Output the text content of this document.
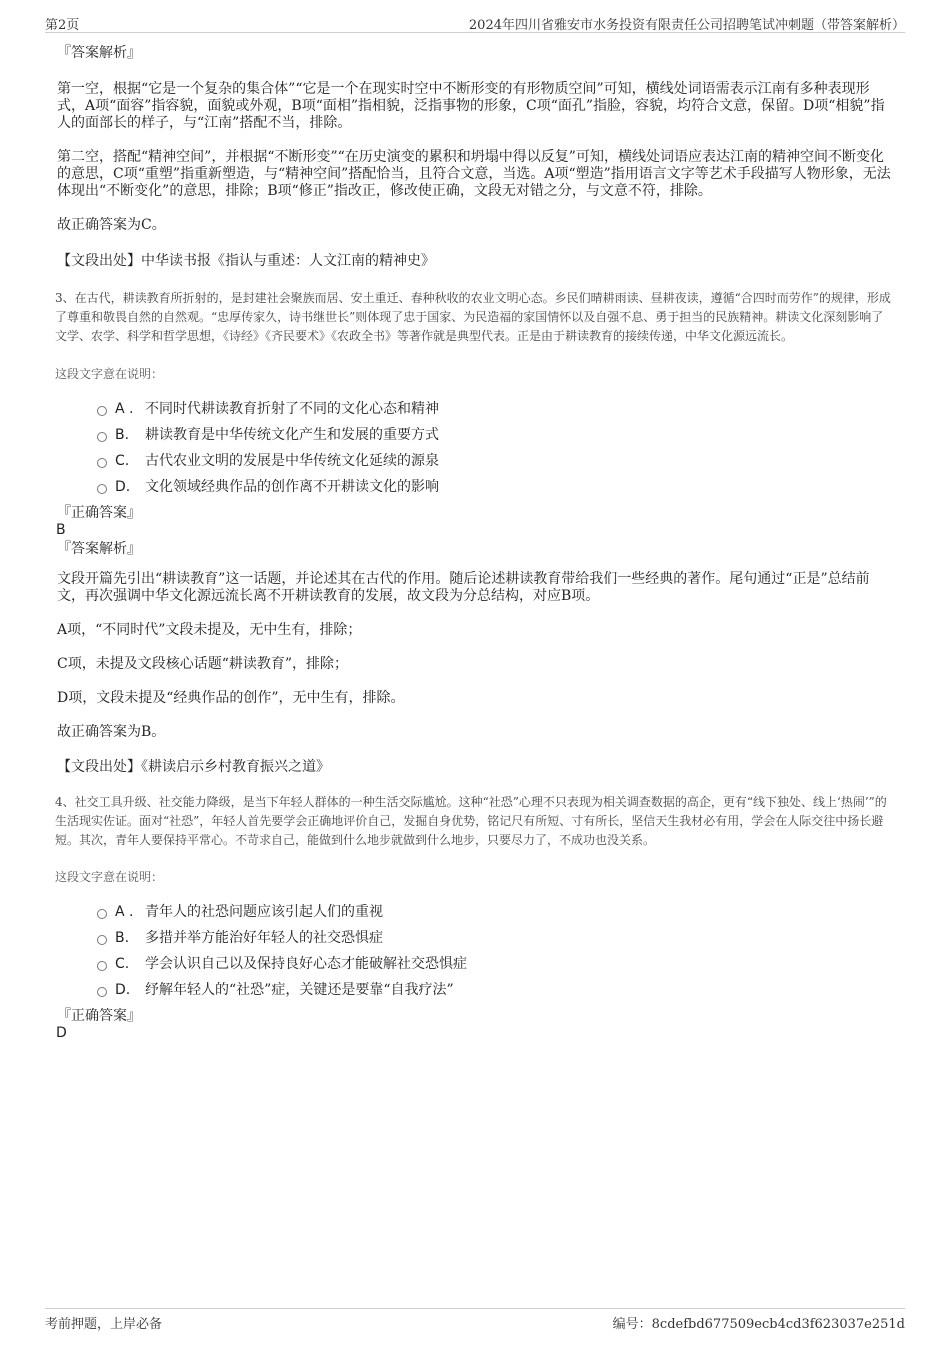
第2页	2024年四川省雅安市水务投资有限责任公司招聘笔试冲刺题（带答案解析）
『答案解析』

第一空，根据“它是一个复杂的集合体”“它是一个在现实时空中不断形变的有形物质空间”可知，横线处词语需表示江南有多种表现形式，A项“面容”指容貌，面貌或外观，B项“面相”指相貌，泛指事物的形象，C项“面孔”指脸，容貌，均符合文意，保留。D项“相貌”指人的面部长的样子，与“江南”搭配不当，排除。

第二空，搭配“精神空间”，并根据“不断形变”“在历史演变的累积和坍塌中得以反复”可知，横线处词语应表达江南的精神空间不断变化的意思，C项“重塑”指重新塑造，与“精神空间”搭配恰当，且符合文意，当选。A项“塑造”指用语言文字等艺术手段描写人物形象，无法体现出“不断变化”的意思，排除；B项“修正”指改正，修改使正确，文段无对错之分，与文意不符，排除。

故正确答案为C。

【文段出处】中华读书报《指认与重述：人文江南的精神史》

3、在古代，耕读教育所折射的，是封建社会聚族而居、安土重迁、春种秋收的农业文明心态。乡民们晴耕雨读、昼耕夜读，遵循“合四时而劳作”的规律，形成了尊重和敬畏自然的自然观。“忠厚传家久，诗书继世长”则体现了忠于国家、为民造福的家国情怀以及自强不息、勇于担当的民族精神。耕读文化深刻影响了文学、农学、科学和哲学思想，《诗经》《齐民要术》《农政全书》等著作就是典型代表。正是由于耕读教育的接续传递，中华文化源远流长。

这段文字意在说明：

A . 不同时代耕读教育折射了不同的文化心态和精神
B. 耕读教育是中华传统文化产生和发展的重要方式
C. 古代农业文明的发展是中华传统文化延续的源泉
D. 文化领域经典作品的创作离不开耕读文化的影响
『正确答案』
B
『答案解析』

文段开篇先引出“耕读教育”这一话题，并论述其在古代的作用。随后论述耕读教育带给我们一些经典的著作。尾句通过“正是”总结前文，再次强调中华文化源远流长离不开耕读教育的发展，故文段为分总结构，对应B项。

A项，“不同时代”文段未提及，无中生有，排除；

C项，未提及文段核心话题“耕读教育”，排除；

D项，文段未提及“经典作品的创作”，无中生有，排除。

故正确答案为B。

【文段出处】《耕读启示乡村教育振兴之道》

4、社交工具升级、社交能力降级，是当下年轻人群体的一种生活交际尴尬。这种“社恐”心理不只表现为相关调查数据的高企，更有“线下独处、线上‘热闹’”的生活现实佐证。面对“社恐”，年轻人首先要学会正确地评价自己，发掘自身优势，铭记尺有所短、寸有所长，坚信天生我材必有用，学会在人际交往中扬长避短。其次，青年人要保持平常心。不苛求自己，能做到什么地步就做到什么地步，只要尽力了，不成功也没关系。

这段文字意在说明：

A . 青年人的社恐问题应该引起人们的重视
B. 多措并举方能治好年轻人的社交恐惧症
C. 学会认识自己以及保持良好心态才能破解社交恐惧症
D. 纾解年轻人的“社恐”症，关键还是要靠“自我疗法”
『正确答案』
D
考前押题，上岸必备	编号：8cdefbd677509ecb4cd3f623037e251d
